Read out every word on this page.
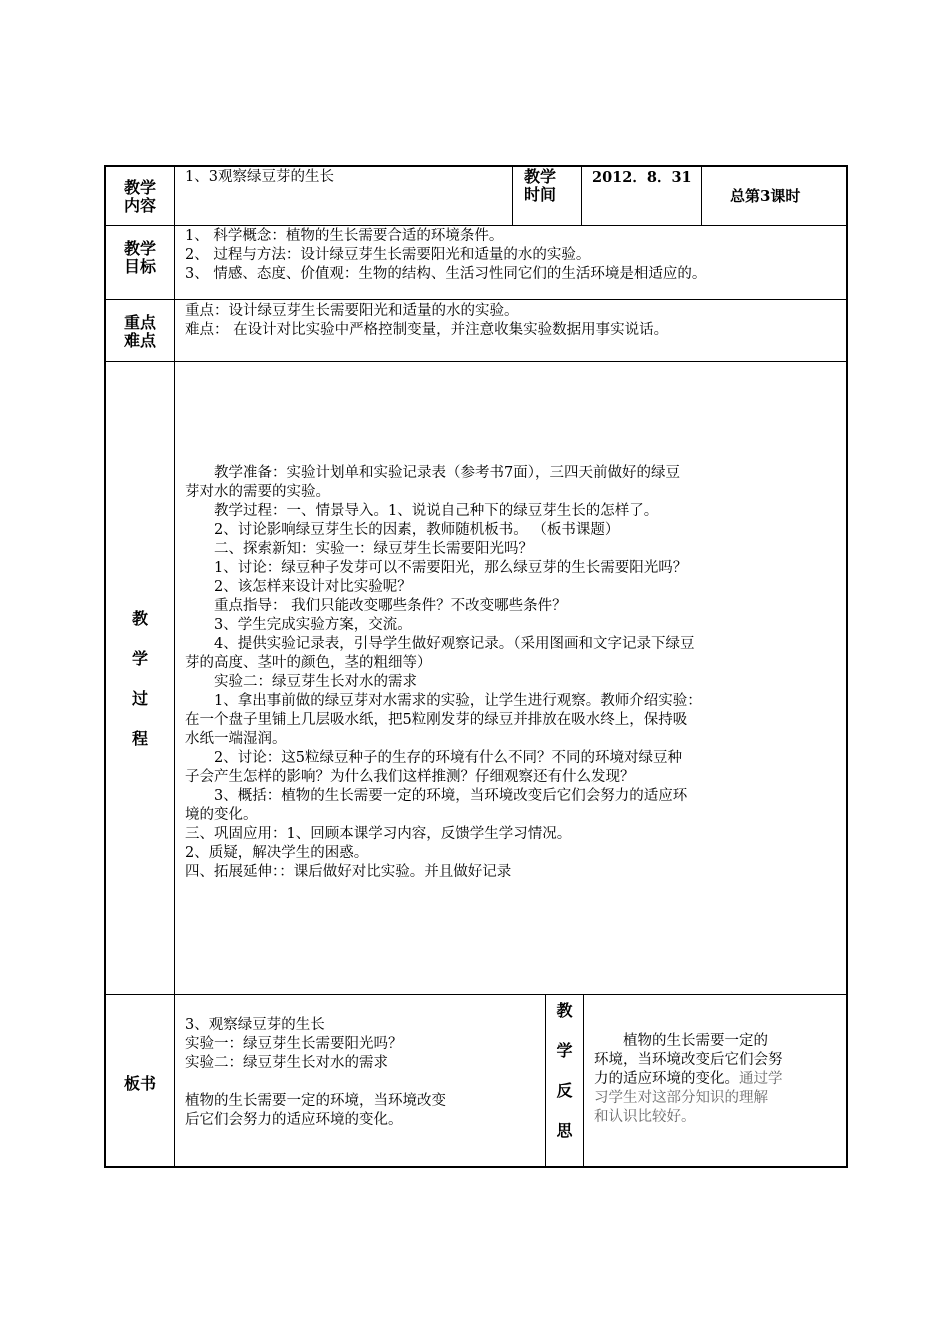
教学
内容
1、3观察绿豆芽的生长	教学
时间
2012．8．31
总第3课时
教学
目标
1、 科学概念：植物的生长需要合适的环境条件。
2、 过程与方法：设计绿豆芽生长需要阳光和适量的水的实验。
3、 情感、态度、价值观：生物的结构、生活习性同它们的生活环境是相适应的。
重点
难点
重点：设计绿豆芽生长需要阳光和适量的水的实验。
难点： 在设计对比实验中严格控制变量，并注意收集实验数据用事实说话。
教
学
过
程
　　教学准备：实验计划单和实验记录表（参考书7面），三四天前做好的绿豆
芽对水的需要的实验。
　　教学过程：一、情景导入。1、说说自己种下的绿豆芽生长的怎样了。
　　2、讨论影响绿豆芽生长的因素，教师随机板书。 （板书课题）
　　二、探索新知：实验一：绿豆芽生长需要阳光吗？
　　1、讨论：绿豆种子发芽可以不需要阳光，那么绿豆芽的生长需要阳光吗？
　　2、该怎样来设计对比实验呢？
　　重点指导： 我们只能改变哪些条件？不改变哪些条件？
　　3、学生完成实验方案，交流。
　　4、提供实验记录表，引导学生做好观察记录。（采用图画和文字记录下绿豆
芽的高度、茎叶的颜色，茎的粗细等）
　　实验二：绿豆芽生长对水的需求
　　1、拿出事前做的绿豆芽对水需求的实验，让学生进行观察。教师介绍实验：
在一个盘子里铺上几层吸水纸，把5粒刚发芽的绿豆并排放在吸水终上，保持吸
水纸一端湿润。
　　2、讨论：这5粒绿豆种子的生存的环境有什么不同？不同的环境对绿豆种
子会产生怎样的影响？为什么我们这样推测？仔细观察还有什么发现？
　　3、概括：植物的生长需要一定的环境，当环境改变后它们会努力的适应环
境的变化。
三、巩固应用：1、回顾本课学习内容，反馈学生学习情况。
2、质疑，解决学生的困惑。
四、拓展延伸：：课后做好对比实验。并且做好记录
板书
3、观察绿豆芽的生长
实验一：绿豆芽生长需要阳光吗？
实验二：绿豆芽生长对水的需求
植物的生长需要一定的环境，当环境改变
后它们会努力的适应环境的变化。
教
学
反
思
　　植物的生长需要一定的
环境，当环境改变后它们会努
力的适应环境的变化。通过学
习学生对这部分知识的理解
和认识比较好。
